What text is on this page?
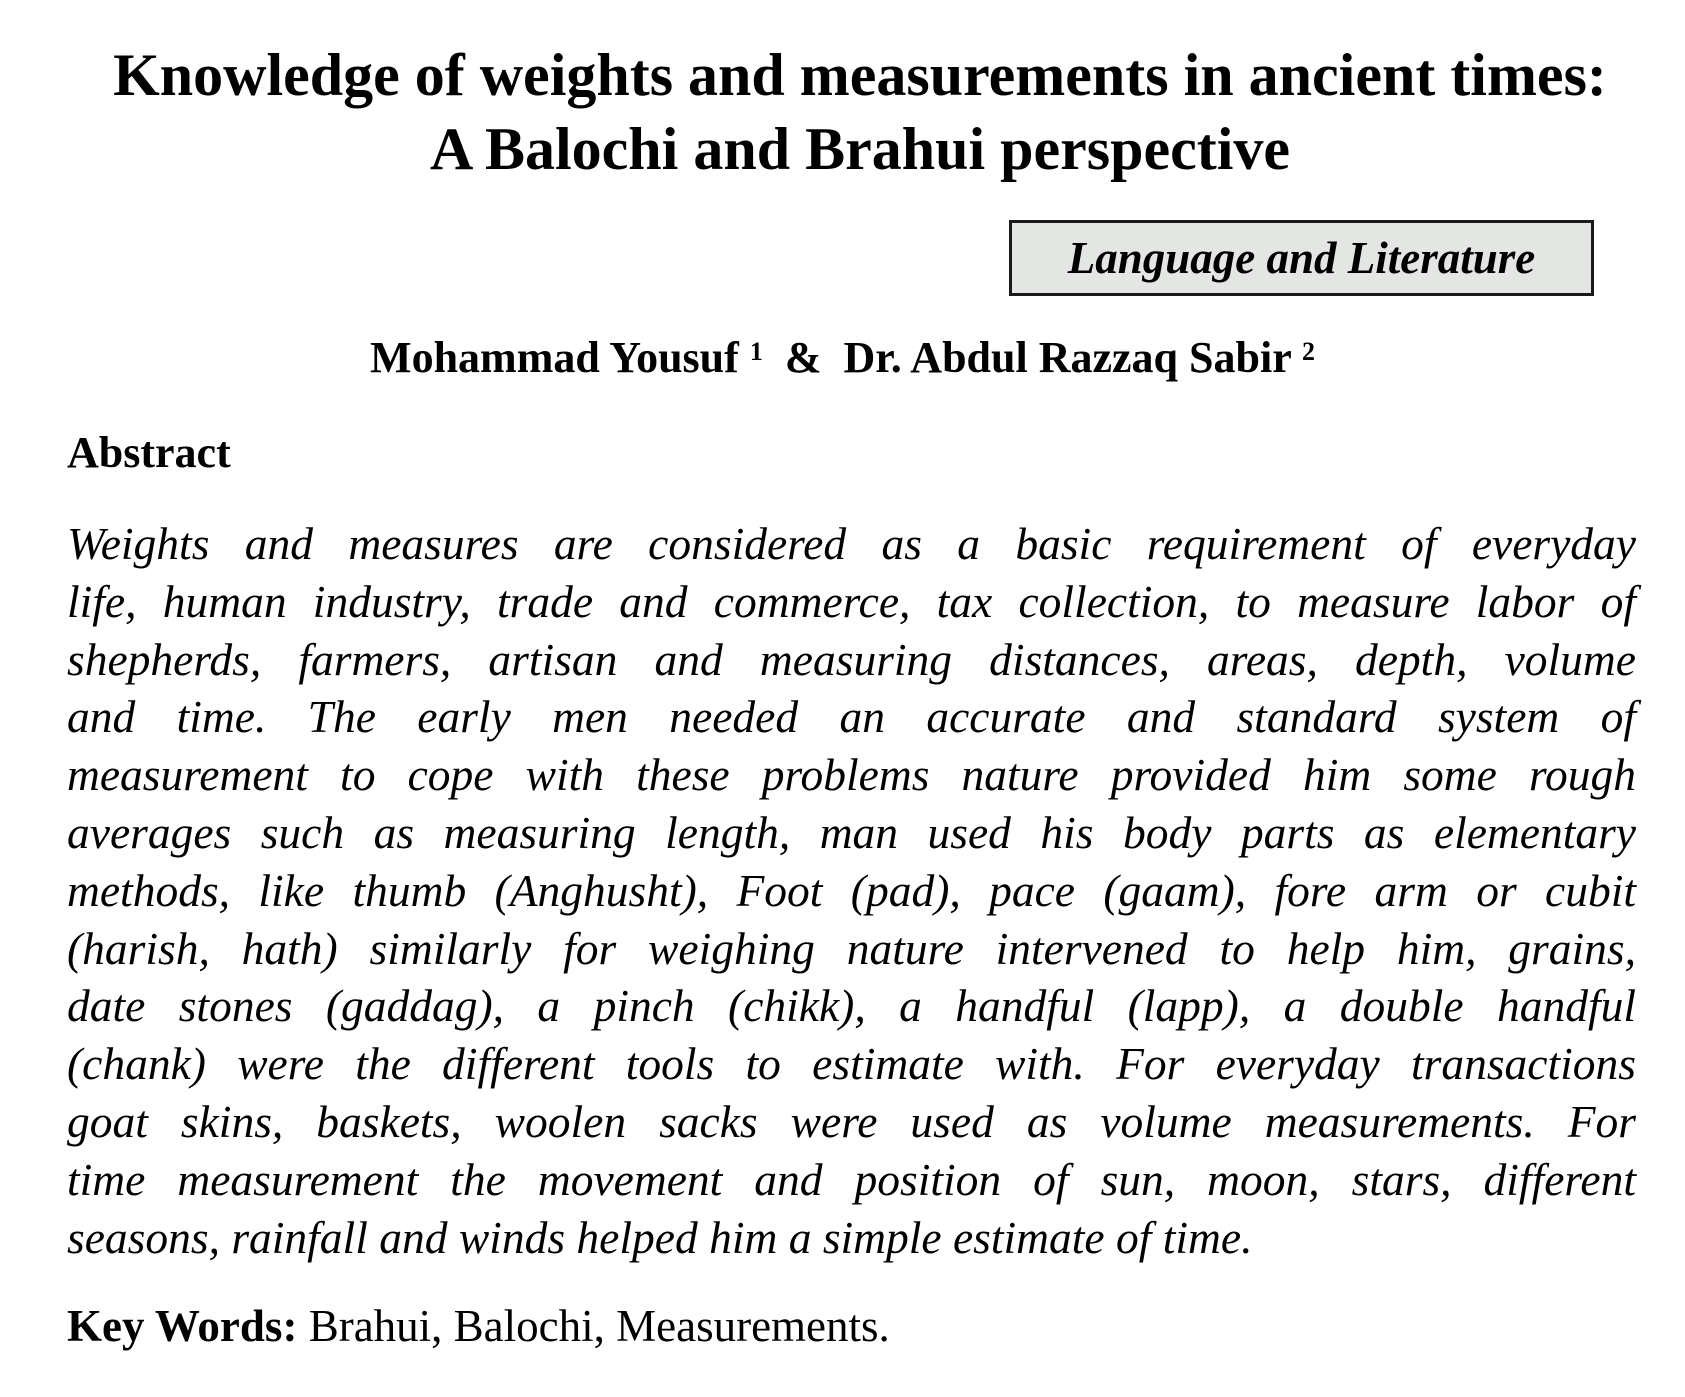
Knowledge of weights and measurements in ancient times:
A Balochi and Brahui perspective
Language and Literature
Mohammad Yousuf $^1$  &  Dr. Abdul Razzaq Sabir $^2$
Abstract
Weights and measures are considered as a basic requirement of everyday
life, human industry, trade and commerce, tax collection, to measure labor of
shepherds, farmers, artisan and measuring distances, areas, depth, volume
and time. The early men needed an accurate and standard system of
measurement to cope with these problems nature provided him some rough
averages such as measuring length, man used his body parts as elementary
methods, like thumb (Anghusht), Foot (pad), pace (gaam), fore arm or cubit
(harish, hath) similarly for weighing nature intervened to help him, grains,
date stones (gaddag), a pinch (chikk), a handful (lapp), a double handful
(chank) were the different tools to estimate with. For everyday transactions
goat skins, baskets, woolen sacks were used as volume measurements. For
time measurement the movement and position of sun, moon, stars, different
seasons, rainfall and winds helped him a simple estimate of time.
Key Words: Brahui, Balochi, Measurements.
